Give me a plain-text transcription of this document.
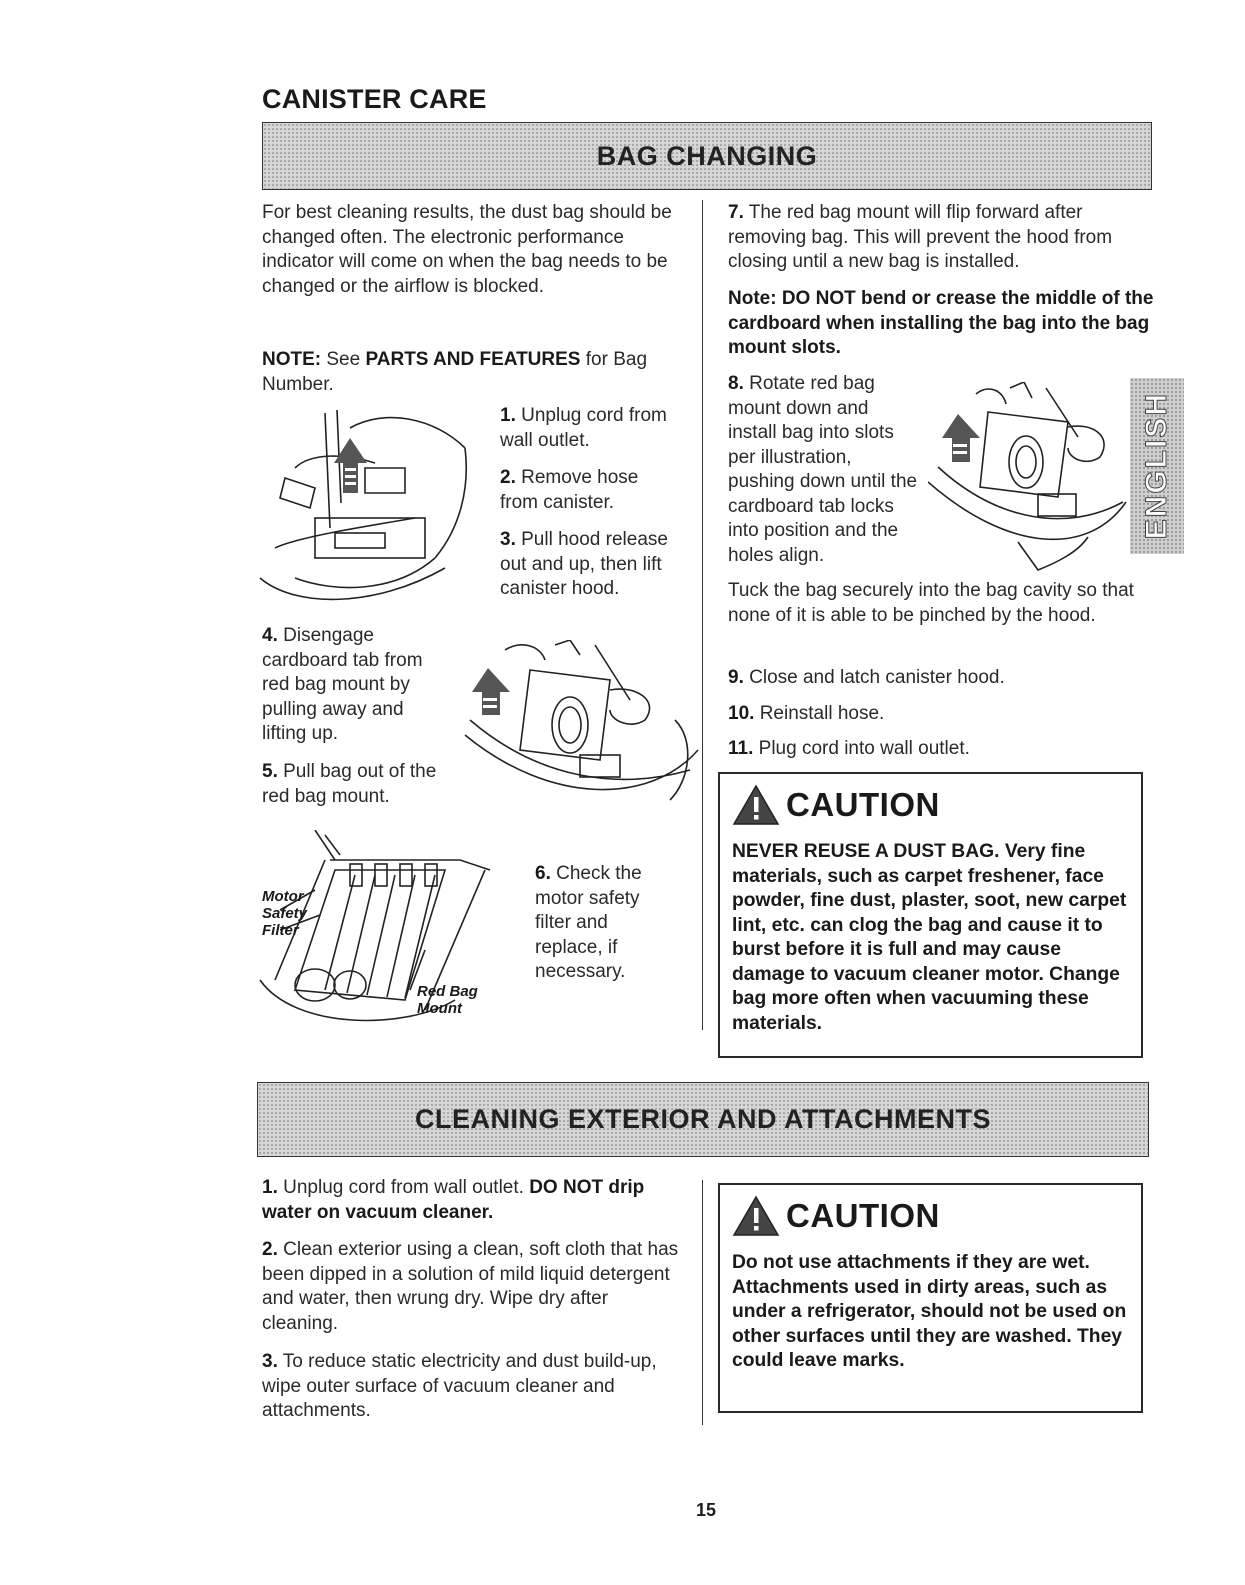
CANISTER CARE
BAG CHANGING
For best cleaning results, the dust bag should be changed often. The electronic performance indicator will come on when the bag needs to be changed or the airflow is blocked.
NOTE: See PARTS AND FEATURES for Bag Number.
4. Disengage cardboard tab from red bag mount by pulling away and lifting up.
5. Pull bag out of the red bag mount.
1. Unplug cord from wall outlet.
2. Remove hose from canister.
3. Pull hood release out and up, then lift canister hood.
Motor
Safety
Filter
Red Bag
Mount
6. Check the motor safety filter and replace, if necessary.
7. The red bag mount will flip forward after removing bag. This will prevent the hood from closing until a new bag is installed.
Note: DO NOT bend or crease the middle of the cardboard when installing the bag into the bag mount slots.
8. Rotate red bag mount down and install bag into slots per illustration, pushing down until the cardboard tab locks into position and the holes align.
ENGLISH
Tuck the bag securely into the bag cavity so that none of it is able to be pinched by the hood.
9. Close and latch canister hood.
10. Reinstall hose.
11. Plug cord into wall outlet.
CAUTION
NEVER REUSE A DUST BAG. Very fine materials, such as carpet freshener, face powder, fine dust, plaster, soot, new carpet lint, etc. can clog the bag and cause it to burst before it is full and may cause damage to vacuum cleaner motor. Change bag more often when vacuuming these materials.
CLEANING EXTERIOR AND ATTACHMENTS
1. Unplug cord from wall outlet. DO NOT drip water on vacuum cleaner.
2. Clean exterior using a clean, soft cloth that has been dipped in a solution of mild liquid detergent and water, then wrung dry. Wipe dry after cleaning.
3. To reduce static electricity and dust build-up, wipe outer surface of vacuum cleaner and attachments.
CAUTION
Do not use attachments if they are wet. Attachments used in dirty areas, such as under a refrigerator, should not be used on other surfaces until they are washed. They could leave marks.
15
